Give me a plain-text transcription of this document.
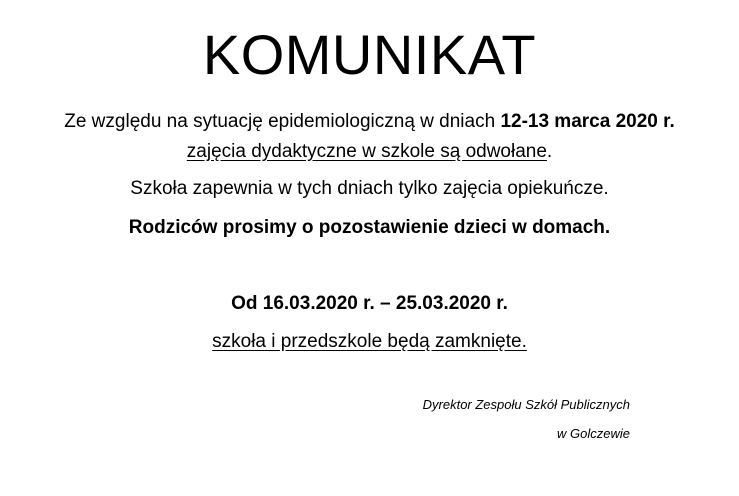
KOMUNIKAT
Ze względu na sytuację epidemiologiczną w dniach 12-13 marca 2020 r.
zajęcia dydaktyczne w szkole są odwołane.
Szkoła zapewnia w tych dniach tylko zajęcia opiekuńcze.
Rodziców prosimy o pozostawienie dzieci w domach.
Od 16.03.2020 r. – 25.03.2020 r.
szkoła i przedszkole będą zamknięte.
Dyrektor Zespołu Szkół Publicznych
w Golczewie
